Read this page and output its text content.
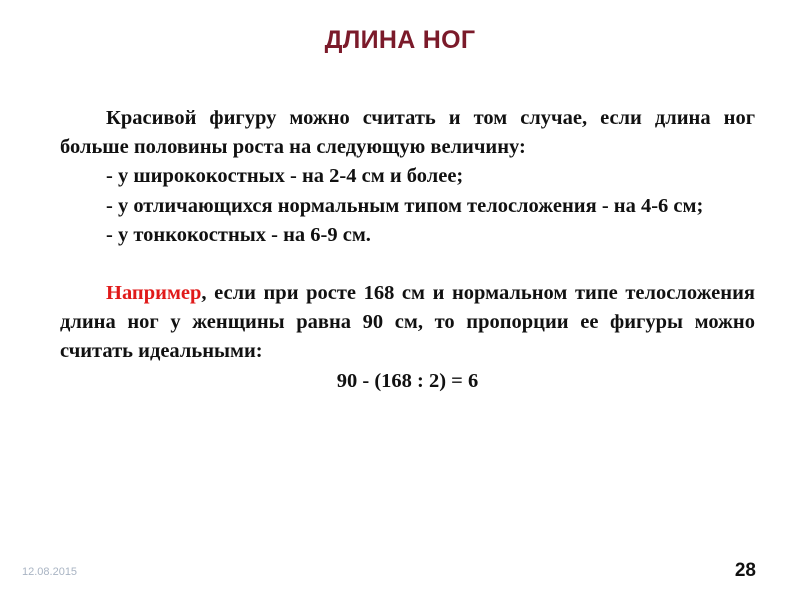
ДЛИНА НОГ

Красивой фигуру можно считать и том случае, если длина ног больше половины роста на следующую величину:

- у ширококостных - на 2-4 см и более;

- у отличающихся нормальным типом телосложения - на 4-6 см;

- у тонкокостных - на 6-9 см.

Например, если при росте 168 см и нормальном типе телосложения длина ног у женщины равна 90 см, то пропорции ее фигуры можно считать идеальными:

90 - (168 : 2) = 6

12.08.2015	28
